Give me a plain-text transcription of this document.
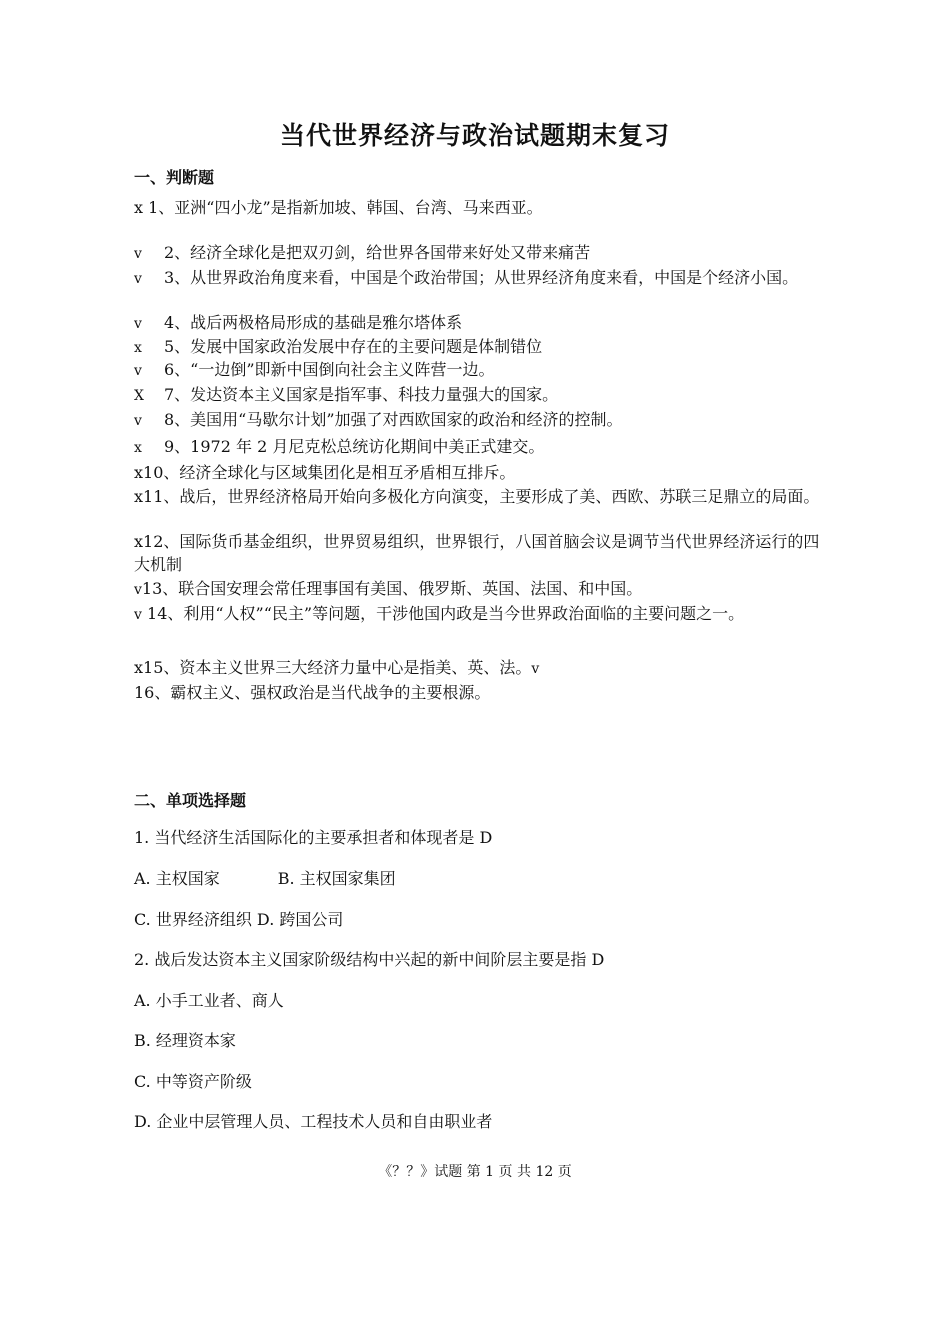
当代世界经济与政治试题期末复习
一、判断题
x 1、亚洲“四小龙”是指新加坡、韩国、台湾、马来西亚。
v 2、经济全球化是把双刃剑，给世界各国带来好处又带来痛苦
v 3、从世界政治角度来看，中国是个政治带国；从世界经济角度来看，中国是个经济小国。
v 4、战后两极格局形成的基础是雅尔塔体系
x 5、发展中国家政治发展中存在的主要问题是体制错位
v 6、“一边倒”即新中国倒向社会主义阵营一边。
X 7、发达资本主义国家是指军事、科技力量强大的国家。
v 8、美国用“马歇尔计划”加强了对西欧国家的政治和经济的控制。
x 9、1972 年 2 月尼克松总统访化期间中美正式建交。
x10、经济全球化与区域集团化是相互矛盾相互排斥。
x11、战后，世界经济格局开始向多极化方向演变，主要形成了美、西欧、苏联三足鼎立的局面。
x12、国际货币基金组织，世界贸易组织，世界银行，八国首脑会议是调节当代世界经济运行的四大机制
v13、联合国安理会常任理事国有美国、俄罗斯、英国、法国、和中国。
v 14、利用“人权”“民主”等问题，干涉他国内政是当今世界政治面临的主要问题之一。
x15、资本主义世界三大经济力量中心是指美、英、法。v
16、霸权主义、强权政治是当代战争的主要根源。
二、单项选择题
1. 当代经济生活国际化的主要承担者和体现者是 D
A. 主权国家	B. 主权国家集团
C. 世界经济组织 D. 跨国公司
2. 战后发达资本主义国家阶级结构中兴起的新中间阶层主要是指 D
A. 小手工业者、商人
B. 经理资本家
C. 中等资产阶级
D. 企业中层管理人员、工程技术人员和自由职业者
《？？》试题 第 1 页 共 12 页
